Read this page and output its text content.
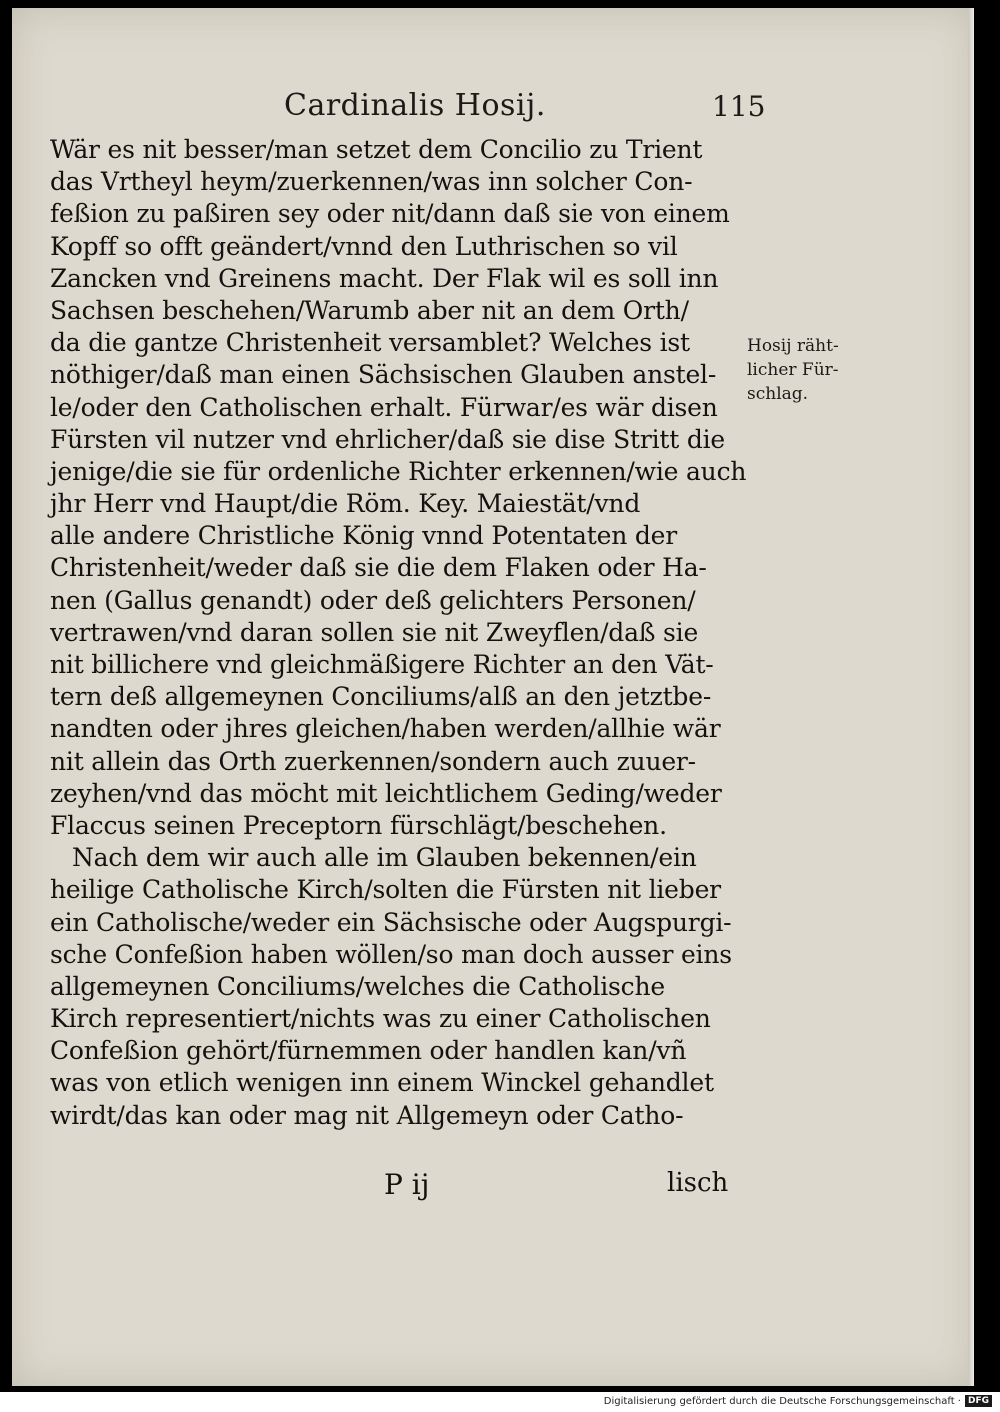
Cardinalis Hosij.	115
Wär es nit besser/man setzet dem Concilio zu Trient
das Vrtheyl heym/zuerkennen/was inn solcher Con-
feßion zu paßiren sey oder nit/dann daß sie von einem
Kopff so offt geändert/vnnd den Luthrischen so vil
Zancken vnd Greinens macht. Der Flak wil es soll inn
Sachsen beschehen/Warumb aber nit an dem Orth/
da die gantze Christenheit versamblet? Welches ist
nöthiger/daß man einen Sächsischen Glauben anstel-
le/oder den Catholischen erhalt. Fürwar/es wär disen
Fürsten vil nutzer vnd ehrlicher/daß sie dise Stritt die
jenige/die sie für ordenliche Richter erkennen/wie auch
jhr Herr vnd Haupt/die Röm. Key. Maiestät/vnd
alle andere Christliche König vnnd Potentaten der
Christenheit/weder daß sie die dem Flaken oder Ha-
nen (Gallus genandt) oder deß gelichters Personen/
vertrawen/vnd daran sollen sie nit Zweyflen/daß sie
nit billichere vnd gleichmäßigere Richter an den Vät-
tern deß allgemeynen Conciliums/alß an den jetztbe-
nandten oder jhres gleichen/haben werden/allhie wär
nit allein das Orth zuerkennen/sondern auch zuuer-
zeyhen/vnd das möcht mit leichtlichem Geding/weder
Flaccus seinen Preceptorn fürschlägt/beschehen.
Nach dem wir auch alle im Glauben bekennen/ein
heilige Catholische Kirch/solten die Fürsten nit lieber
ein Catholische/weder ein Sächsische oder Augspurgi-
sche Confeßion haben wöllen/so man doch ausser eins
allgemeynen Conciliums/welches die Catholische
Kirch representiert/nichts was zu einer Catholischen
Confeßion gehört/fürnemmen oder handlen kan/vñ
was von etlich wenigen inn einem Winckel gehandlet
wirdt/das kan oder mag nit Allgemeyn oder Catho-
Hosij räht-
licher Für-
schlag.
P ij	lisch
Digitalisierung gefördert durch die Deutsche Forschungsgemeinschaft · DFG
